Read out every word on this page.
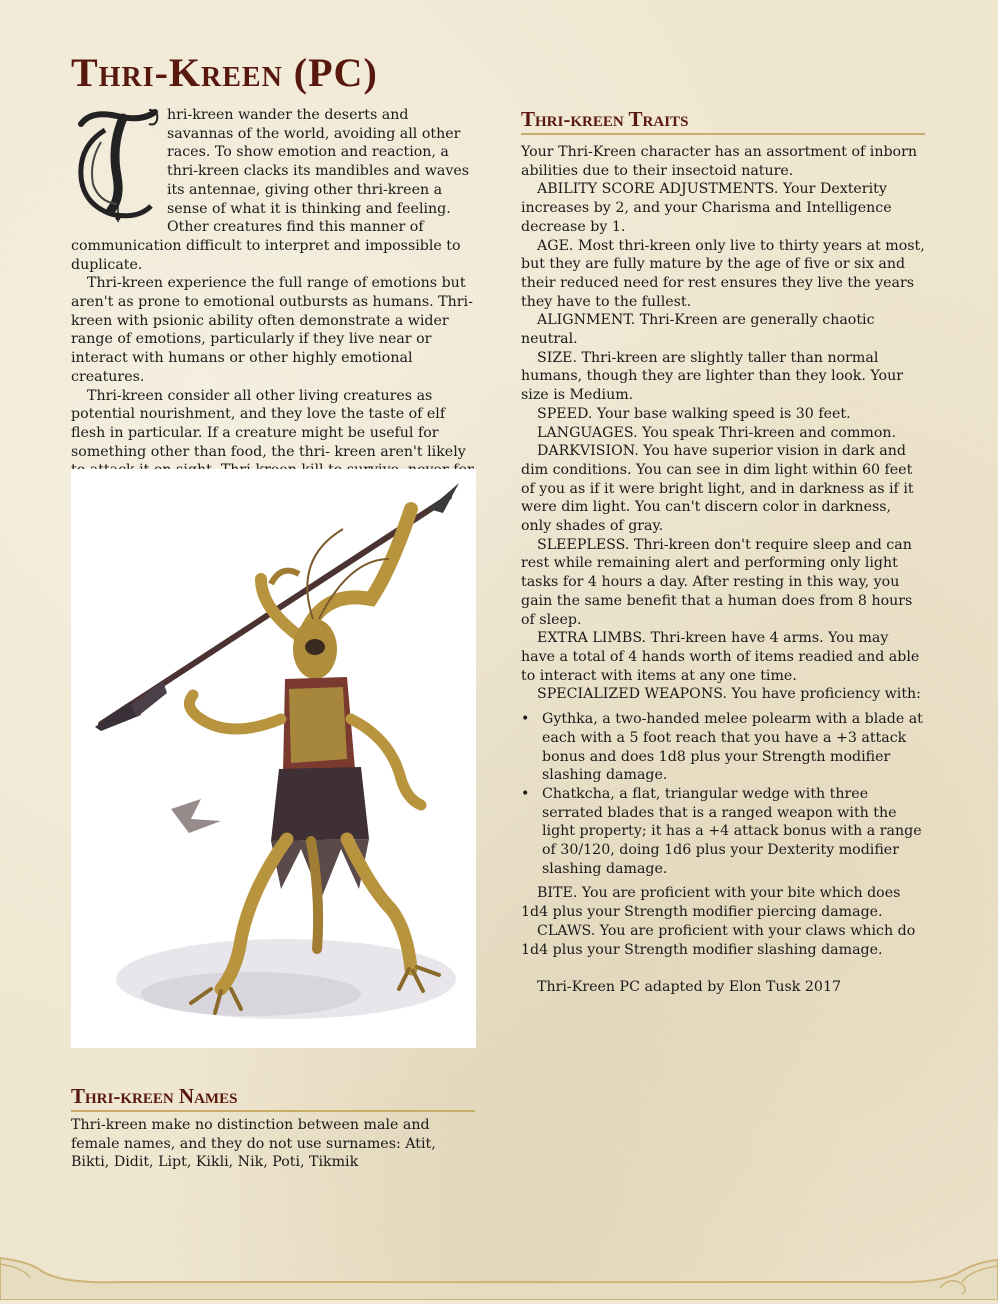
Thri-Kreen (PC)

hri-kreen wander the deserts and savannas of the world, avoiding all other races. To show emotion and reaction, a thri-kreen clacks its mandibles and waves its antennae, giving other thri-kreen a sense of what it is thinking and feeling. Other creatures find this manner of communication difficult to interpret and impossible to duplicate.

Thri-kreen experience the full range of emotions but aren't as prone to emotional outbursts as humans. Thri-kreen with psionic ability often demonstrate a wider range of emotions, particularly if they live near or interact with humans or other highly emotional creatures.

Thri-kreen consider all other living creatures as potential nourishment, and they love the taste of elf flesh in particular. If a creature might be useful for something other than food, the thri- kreen aren't likely

Thri-kreen Names

Thri-kreen make no distinction between male and female names, and they do not use surnames: Atit, Bikti, Didit, Lipt, Kikli, Nik, Poti, Tikmik

Thri-kreen Traits

Your Thri-Kreen character has an assortment of inborn abilities due to their insectoid nature.

ABILITY SCORE ADJUSTMENTS. Your Dexterity increases by 2, and your Charisma and Intelligence decrease by 1.

AGE. Most thri-kreen only live to thirty years at most, but they are fully mature by the age of five or six and their reduced need for rest ensures they live the years they have to the fullest.

ALIGNMENT. Thri-Kreen are generally chaotic neutral.

SIZE. Thri-kreen are slightly taller than normal humans, though they are lighter than they look. Your size is Medium.

SPEED. Your base walking speed is 30 feet.

LANGUAGES. You speak Thri-kreen and common.

DARKVISION. You have superior vision in dark and dim conditions. You can see in dim light within 60 feet of you as if it were bright light, and in darkness as if it were dim light. You can't discern color in darkness, only shades of gray.

SLEEPLESS. Thri-kreen don't require sleep and can rest while remaining alert and performing only light tasks for 4 hours a day. After resting in this way, you gain the same benefit that a human does from 8 hours of sleep.

EXTRA LIMBS. Thri-kreen have 4 arms. You may have a total of 4 hands worth of items readied and able to interact with items at any one time.

SPECIALIZED WEAPONS. You have proficiency with:

• Gythka, a two-handed melee polearm with a blade at each with a 5 foot reach that you have a +3 attack bonus and does 1d8 plus your Strength modifier slashing damage.
• Chatkcha, a flat, triangular wedge with three serrated blades that is a ranged weapon with the light property; it has a +4 attack bonus with a range of 30/120, doing 1d6 plus your Dexterity modifier slashing damage.

BITE. You are proficient with your bite which does 1d4 plus your Strength modifier piercing damage.

CLAWS. You are proficient with your claws which do 1d4 plus your Strength modifier slashing damage.

Thri-Kreen PC adapted by Elon Tusk 2017
